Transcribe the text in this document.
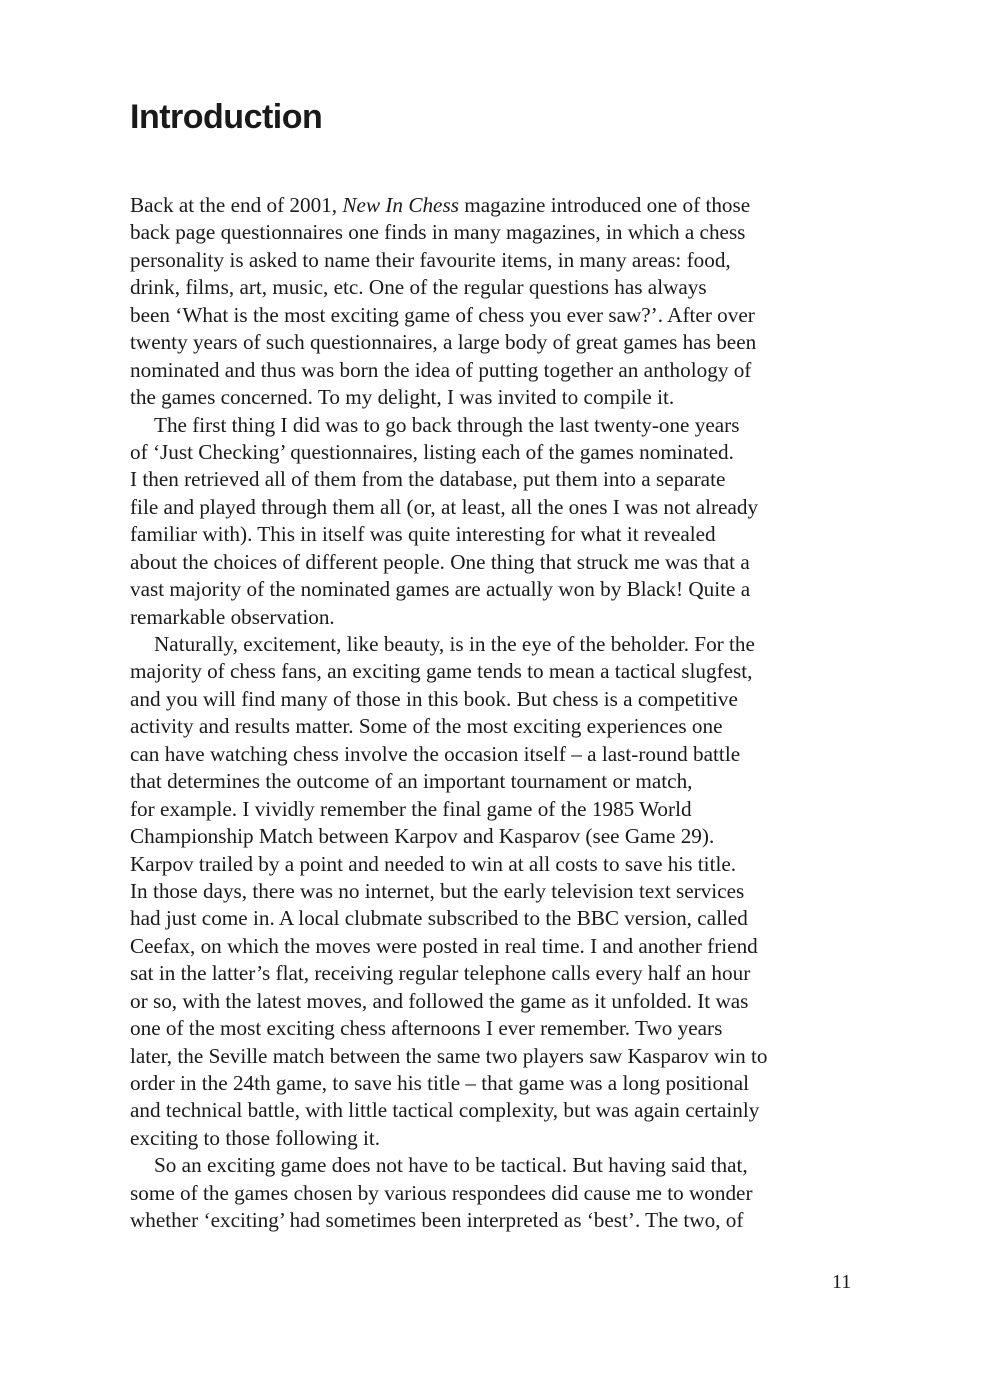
Introduction
Back at the end of 2001, New In Chess magazine introduced one of those
back page questionnaires one finds in many magazines, in which a chess
personality is asked to name their favourite items, in many areas: food,
drink, films, art, music, etc. One of the regular questions has always
been ‘What is the most exciting game of chess you ever saw?’. After over
twenty years of such questionnaires, a large body of great games has been
nominated and thus was born the idea of putting together an anthology of
the games concerned. To my delight, I was invited to compile it.
The first thing I did was to go back through the last twenty-one years
of ‘Just Checking’ questionnaires, listing each of the games nominated.
I then retrieved all of them from the database, put them into a separate
file and played through them all (or, at least, all the ones I was not already
familiar with). This in itself was quite interesting for what it revealed
about the choices of different people. One thing that struck me was that a
vast majority of the nominated games are actually won by Black! Quite a
remarkable observation.
Naturally, excitement, like beauty, is in the eye of the beholder. For the
majority of chess fans, an exciting game tends to mean a tactical slugfest,
and you will find many of those in this book. But chess is a competitive
activity and results matter. Some of the most exciting experiences one
can have watching chess involve the occasion itself – a last-round battle
that determines the outcome of an important tournament or match,
for example. I vividly remember the final game of the 1985 World
Championship Match between Karpov and Kasparov (see Game 29).
Karpov trailed by a point and needed to win at all costs to save his title.
In those days, there was no internet, but the early television text services
had just come in. A local clubmate subscribed to the BBC version, called
Ceefax, on which the moves were posted in real time. I and another friend
sat in the latter’s flat, receiving regular telephone calls every half an hour
or so, with the latest moves, and followed the game as it unfolded. It was
one of the most exciting chess afternoons I ever remember. Two years
later, the Seville match between the same two players saw Kasparov win to
order in the 24th game, to save his title – that game was a long positional
and technical battle, with little tactical complexity, but was again certainly
exciting to those following it.
So an exciting game does not have to be tactical. But having said that,
some of the games chosen by various respondees did cause me to wonder
whether ‘exciting’ had sometimes been interpreted as ‘best’. The two, of
11
